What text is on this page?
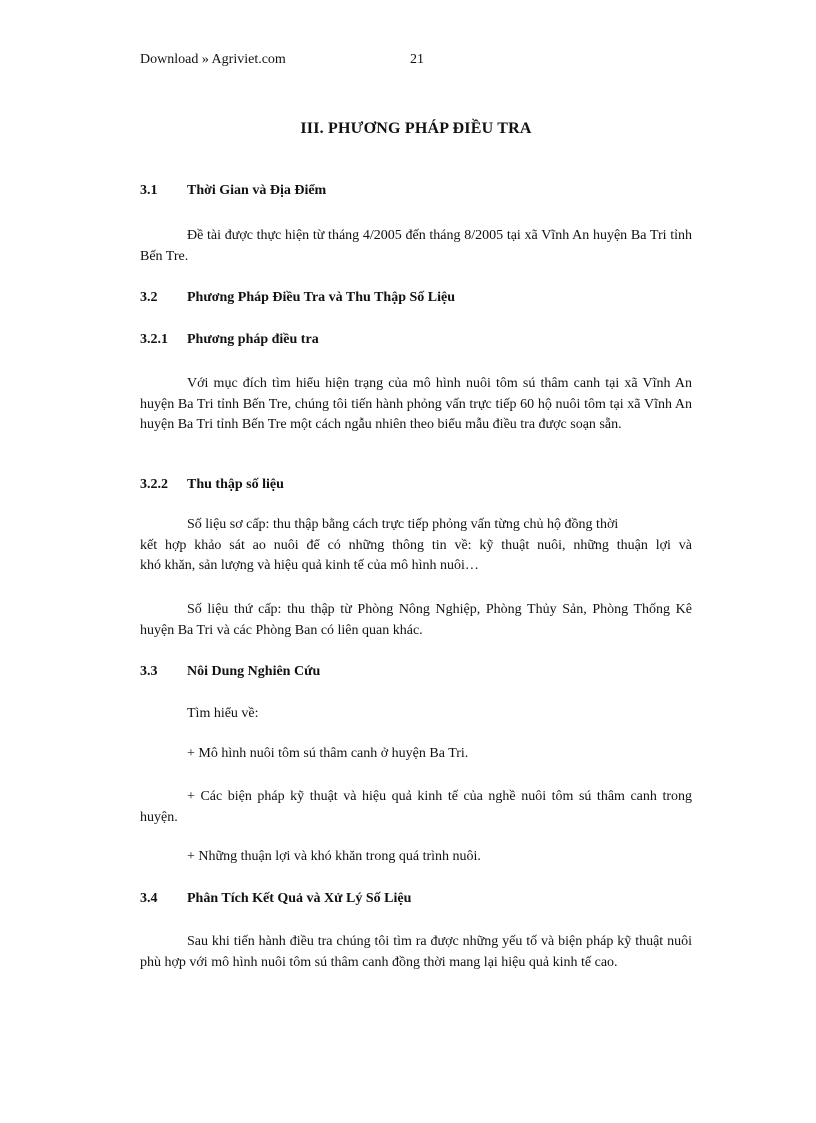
Download » Agriviet.com	21
III. PHƯƠNG PHÁP ĐIỀU TRA
3.1 Thời Gian và Địa Điểm

Đề tài được thực hiện từ tháng 4/2005 đến tháng 8/2005 tại xã Vĩnh An huyện Ba Tri tỉnh Bến Tre.

3.2 Phương Pháp Điều Tra và Thu Thập Số Liệu
3.2.1 Phương pháp điều tra

Với mục đích tìm hiểu hiện trạng của mô hình nuôi tôm sú thâm canh tại xã Vĩnh An huyện Ba Tri tỉnh Bến Tre, chúng tôi tiến hành phỏng vấn trực tiếp 60 hộ nuôi tôm tại xã Vĩnh An huyện Ba Tri tỉnh Bến Tre một cách ngẫu nhiên theo biểu mẫu điều tra được soạn sẵn.

3.2.2 Thu thập số liệu
Số liệu sơ cấp: thu thập bằng cách trực tiếp phỏng vấn từng chủ hộ đồng thời
kết hợp khảo sát ao nuôi để có những thông tin về: kỹ thuật nuôi, những thuận lợi và
khó khăn, sản lượng và hiệu quả kinh tế của mô hình nuôi…

Số liệu thứ cấp: thu thập từ Phòng Nông Nghiệp, Phòng Thủy Sản, Phòng Thống Kê huyện Ba Tri và các Phòng Ban có liên quan khác.

3.3 Nôi Dung Nghiên Cứu
Tìm hiểu về:
+ Mô hình nuôi tôm sú thâm canh ở huyện Ba Tri.

+ Các biện pháp kỹ thuật và hiệu quả kinh tế của nghề nuôi tôm sú thâm canh trong huyện.

+ Những thuận lợi và khó khăn trong quá trình nuôi.
3.4 Phân Tích Kết Quả và Xử Lý Số Liệu

Sau khi tiến hành điều tra chúng tôi tìm ra được những yếu tố và biện pháp kỹ thuật nuôi phù hợp với mô hình nuôi tôm sú thâm canh đồng thời mang lại hiệu quả kinh tế cao.
